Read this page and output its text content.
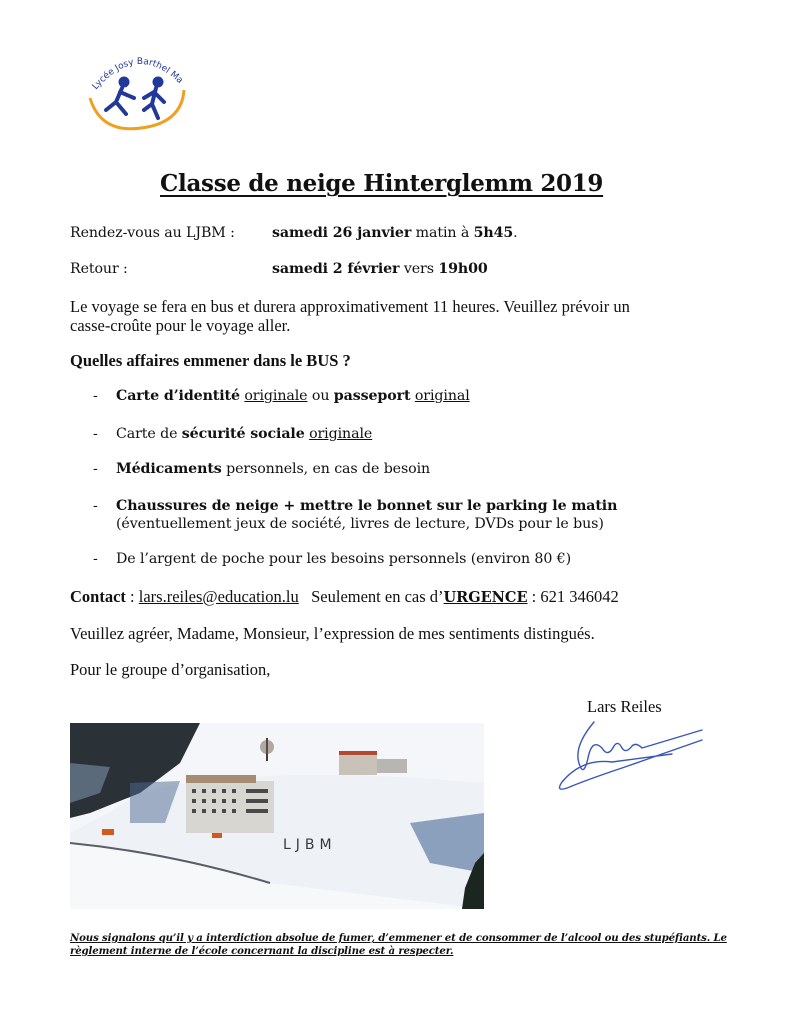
Lycée Josy Barthel Ma
Classe de neige Hinterglemm 2019
Rendez-vous au LJBM :	samedi 26 janvier matin à 5h45.
Retour :	samedi 2 février vers 19h00
Le voyage se fera en bus et durera approximativement 11 heures. Veuillez prévoir un
casse-croûte pour le voyage aller.
Quelles affaires emmener dans le BUS ?
- Carte d’identité originale ou passeport original
- Carte de sécurité sociale originale
- Médicaments personnels, en cas de besoin
- Chaussures de neige + mettre le bonnet sur le parking le matin
(éventuellement jeux de société, livres de lecture, DVDs pour le bus)
- De l’argent de poche pour les besoins personnels (environ 80 €)
Contact : lars.reiles@education.lu Seulement en cas d’URGENCE : 621 346042
Veuillez agréer, Madame, Monsieur, l’expression de mes sentiments distingués.
Pour le groupe d’organisation,
Lars Reiles
LJBM
Nous signalons qu’il y a interdiction absolue de fumer, d’emmener et de consommer de l’alcool ou des stupéfiants. Le règlement interne de l’école concernant la discipline est à respecter.
